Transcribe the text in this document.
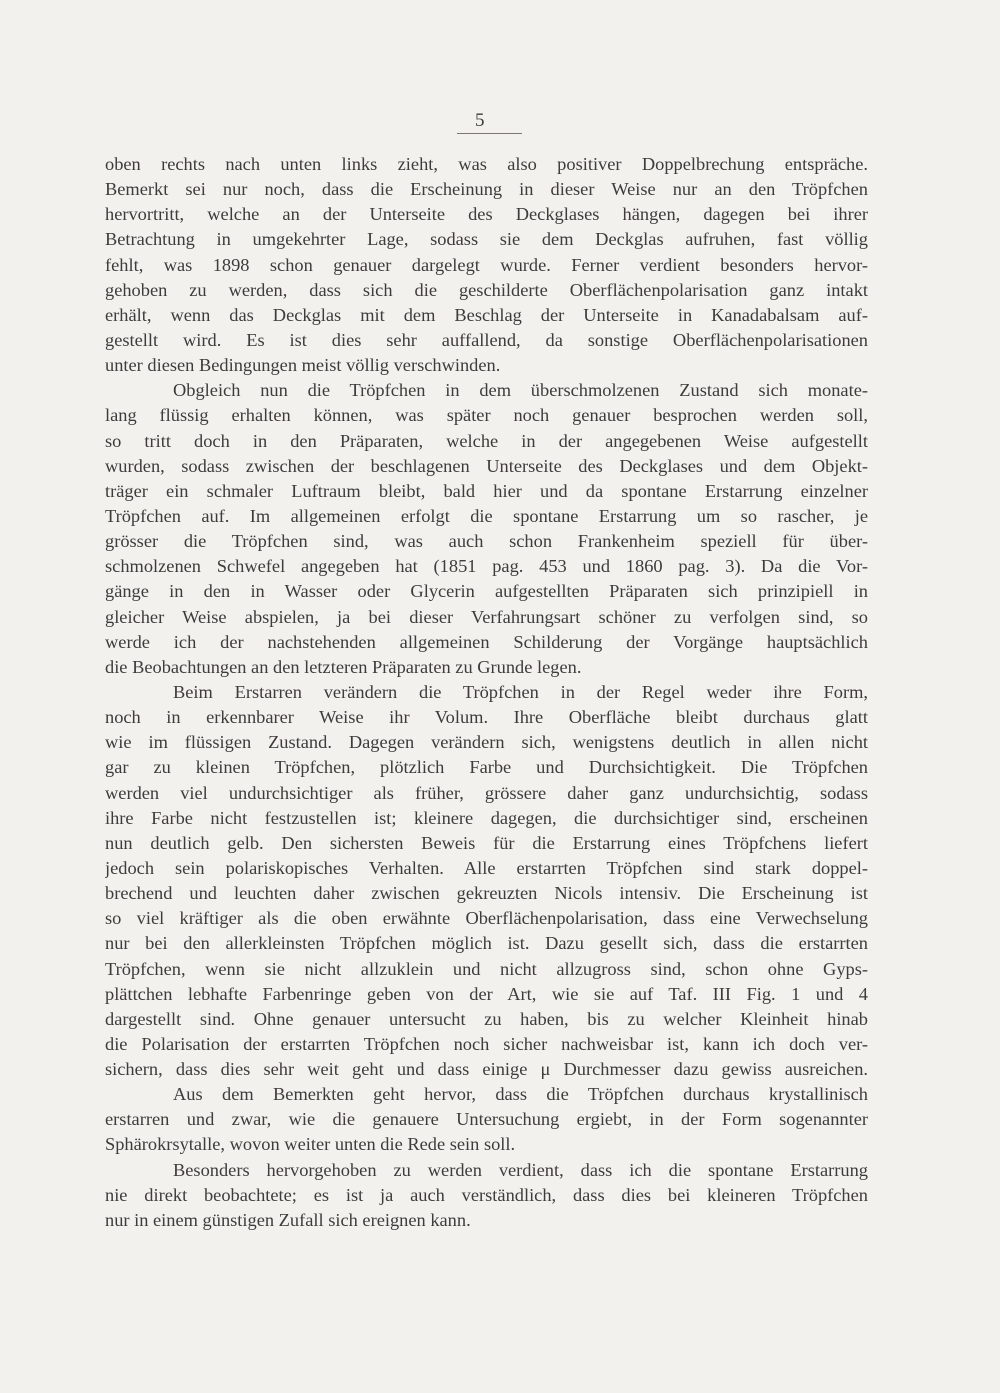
5
oben rechts nach unten links zieht, was also positiver Doppelbrechung entspräche.
Bemerkt sei nur noch, dass die Erscheinung in dieser Weise nur an den Tröpfchen
hervortritt, welche an der Unterseite des Deckglases hängen, dagegen bei ihrer
Betrachtung in umgekehrter Lage, sodass sie dem Deckglas aufruhen, fast völlig
fehlt, was 1898 schon genauer dargelegt wurde. Ferner verdient besonders hervor-
gehoben zu werden, dass sich die geschilderte Oberflächenpolarisation ganz intakt
erhält, wenn das Deckglas mit dem Beschlag der Unterseite in Kanadabalsam auf-
gestellt wird. Es ist dies sehr auffallend, da sonstige Oberflächenpolarisationen
unter diesen Bedingungen meist völlig verschwinden.
Obgleich nun die Tröpfchen in dem überschmolzenen Zustand sich monate-
lang flüssig erhalten können, was später noch genauer besprochen werden soll,
so tritt doch in den Präparaten, welche in der angegebenen Weise aufgestellt
wurden, sodass zwischen der beschlagenen Unterseite des Deckglases und dem Objekt-
träger ein schmaler Luftraum bleibt, bald hier und da spontane Erstarrung einzelner
Tröpfchen auf. Im allgemeinen erfolgt die spontane Erstarrung um so rascher, je
grösser die Tröpfchen sind, was auch schon Frankenheim speziell für über-
schmolzenen Schwefel angegeben hat (1851 pag. 453 und 1860 pag. 3). Da die Vor-
gänge in den in Wasser oder Glycerin aufgestellten Präparaten sich prinzipiell in
gleicher Weise abspielen, ja bei dieser Verfahrungsart schöner zu verfolgen sind, so
werde ich der nachstehenden allgemeinen Schilderung der Vorgänge hauptsächlich
die Beobachtungen an den letzteren Präparaten zu Grunde legen.
Beim Erstarren verändern die Tröpfchen in der Regel weder ihre Form,
noch in erkennbarer Weise ihr Volum. Ihre Oberfläche bleibt durchaus glatt
wie im flüssigen Zustand. Dagegen verändern sich, wenigstens deutlich in allen nicht
gar zu kleinen Tröpfchen, plötzlich Farbe und Durchsichtigkeit. Die Tröpfchen
werden viel undurchsichtiger als früher, grössere daher ganz undurchsichtig, sodass
ihre Farbe nicht festzustellen ist; kleinere dagegen, die durchsichtiger sind, erscheinen
nun deutlich gelb. Den sichersten Beweis für die Erstarrung eines Tröpfchens liefert
jedoch sein polariskopisches Verhalten. Alle erstarrten Tröpfchen sind stark doppel-
brechend und leuchten daher zwischen gekreuzten Nicols intensiv. Die Erscheinung ist
so viel kräftiger als die oben erwähnte Oberflächenpolarisation, dass eine Verwechselung
nur bei den allerkleinsten Tröpfchen möglich ist. Dazu gesellt sich, dass die erstarrten
Tröpfchen, wenn sie nicht allzuklein und nicht allzugross sind, schon ohne Gyps-
plättchen lebhafte Farbenringe geben von der Art, wie sie auf Taf. III Fig. 1 und 4
dargestellt sind. Ohne genauer untersucht zu haben, bis zu welcher Kleinheit hinab
die Polarisation der erstarrten Tröpfchen noch sicher nachweisbar ist, kann ich doch ver-
sichern, dass dies sehr weit geht und dass einige μ Durchmesser dazu gewiss ausreichen.
Aus dem Bemerkten geht hervor, dass die Tröpfchen durchaus krystallinisch
erstarren und zwar, wie die genauere Untersuchung ergiebt, in der Form sogenannter
Sphärokrsytalle, wovon weiter unten die Rede sein soll.
Besonders hervorgehoben zu werden verdient, dass ich die spontane Erstarrung
nie direkt beobachtete; es ist ja auch verständlich, dass dies bei kleineren Tröpfchen
nur in einem günstigen Zufall sich ereignen kann.
